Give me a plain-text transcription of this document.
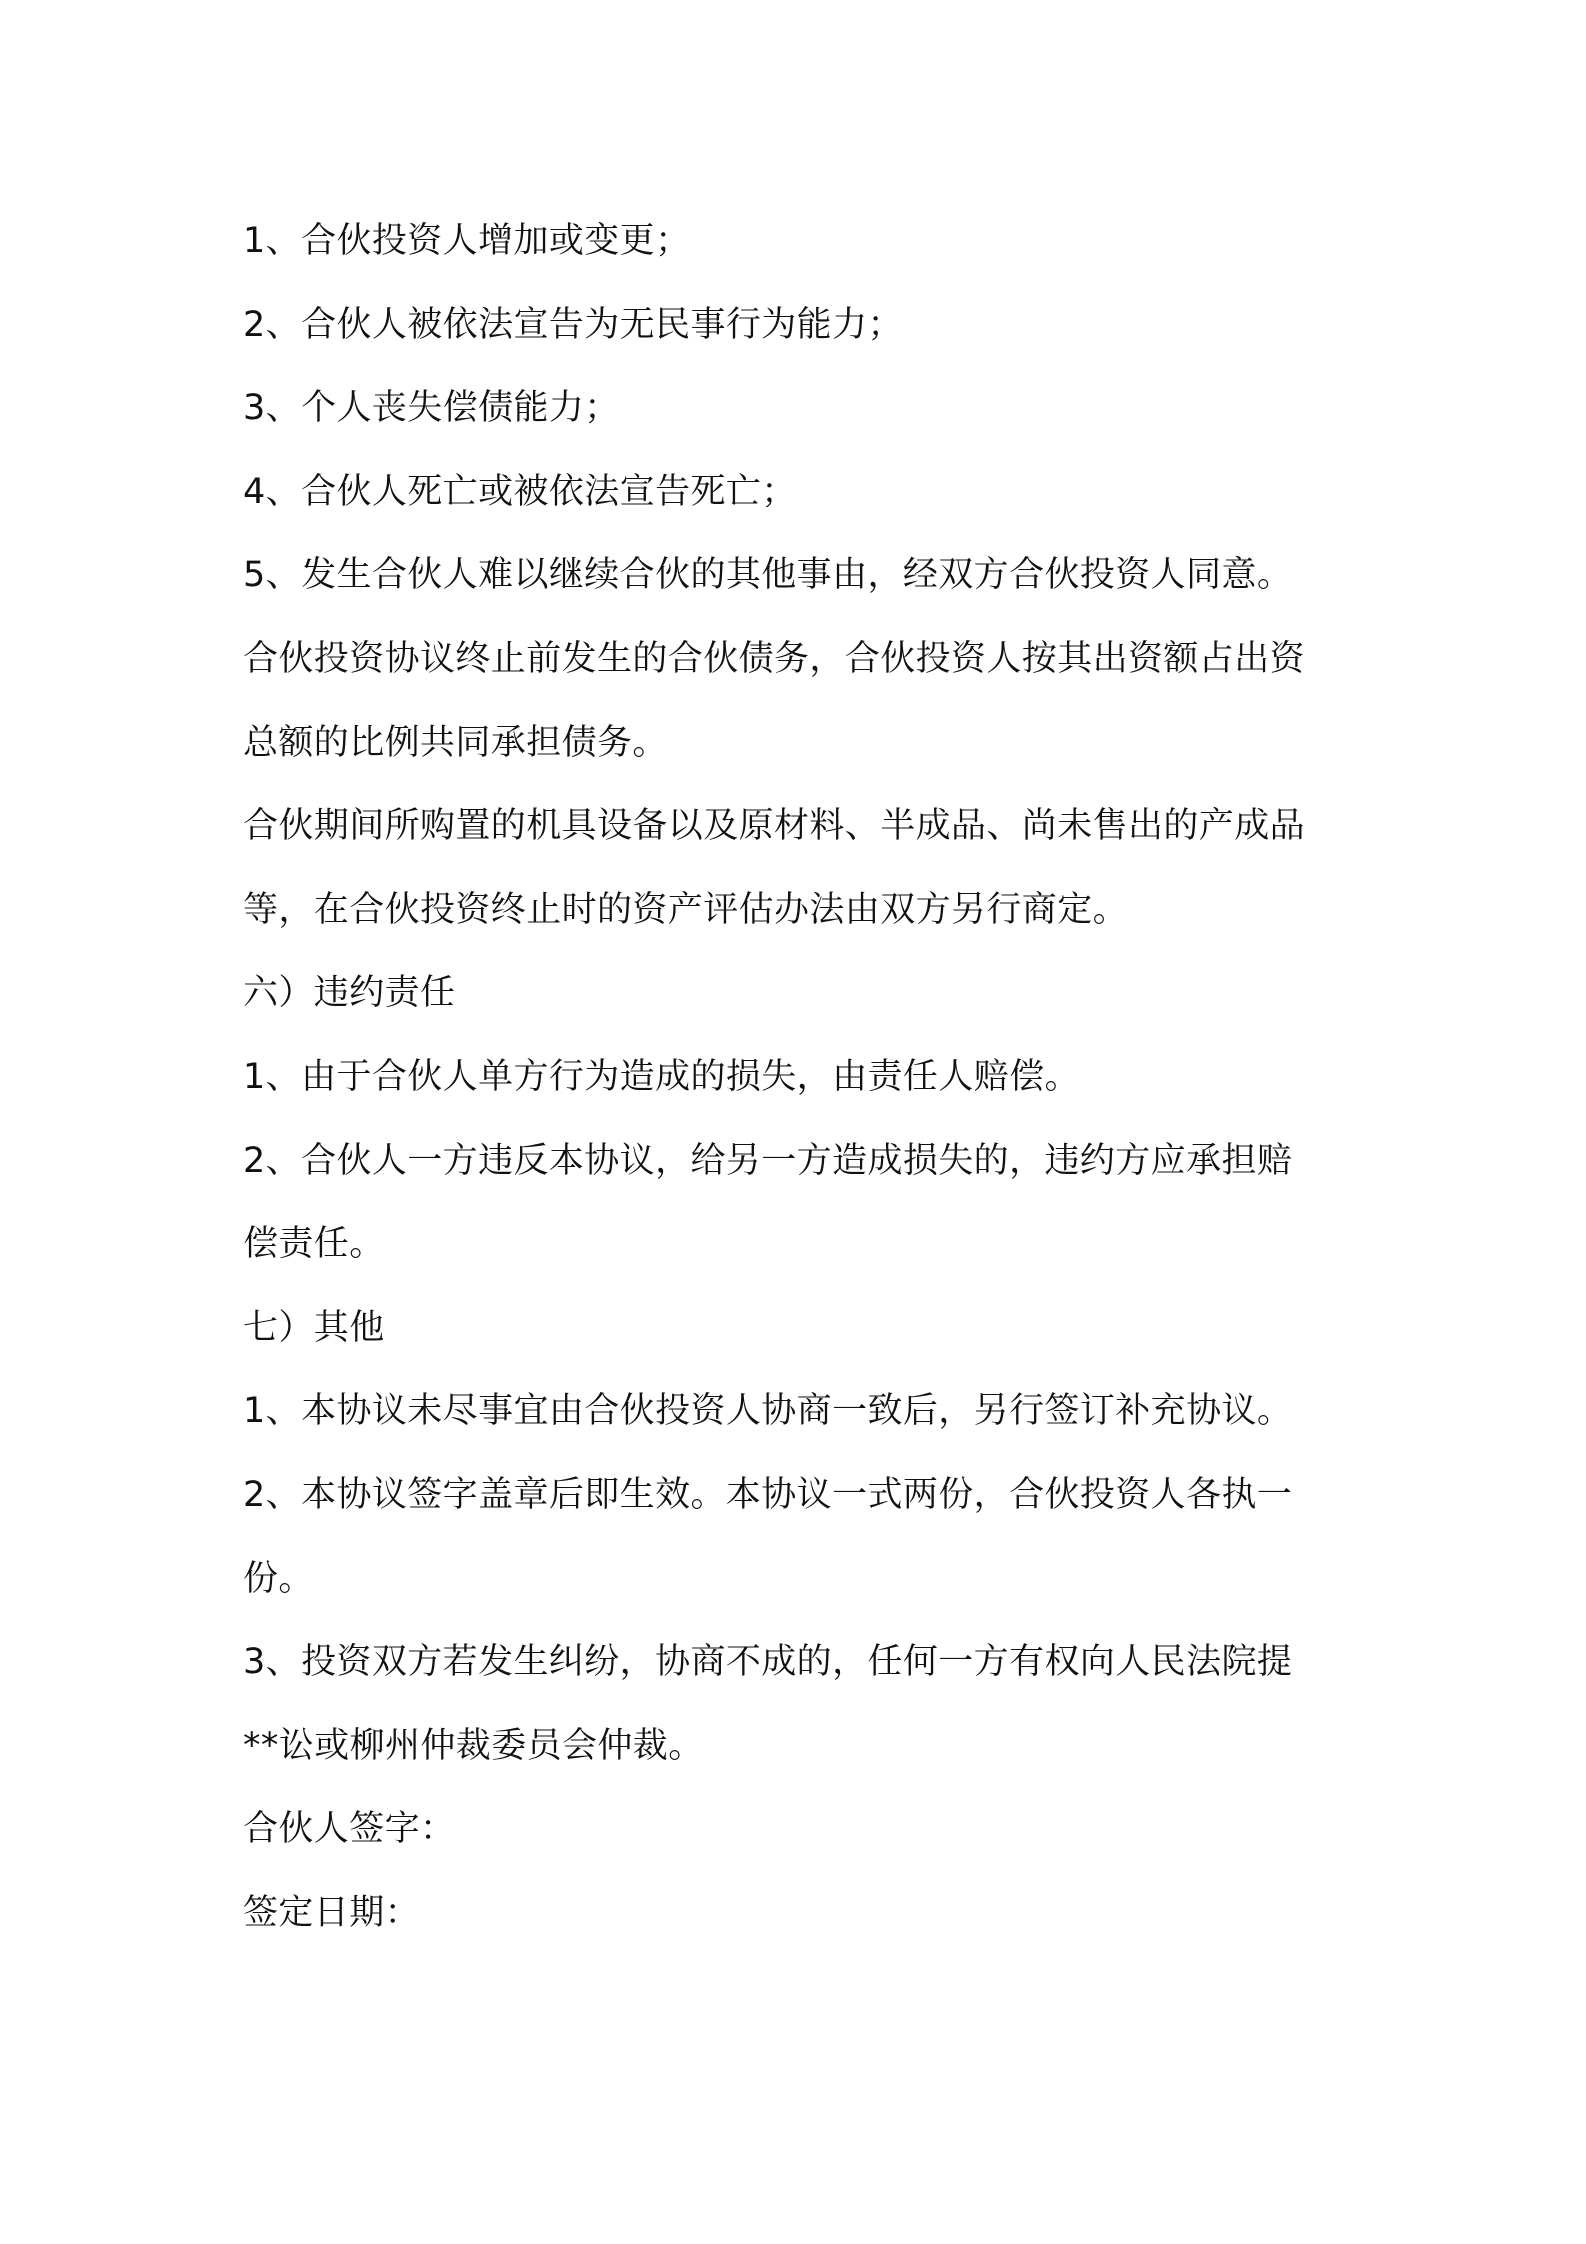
1、合伙投资人增加或变更；
2、合伙人被依法宣告为无民事行为能力；
3、个人丧失偿债能力；
4、合伙人死亡或被依法宣告死亡；
5、发生合伙人难以继续合伙的其他事由，经双方合伙投资人同意。
合伙投资协议终止前发生的合伙债务，合伙投资人按其出资额占出资
总额的比例共同承担债务。
合伙期间所购置的机具设备以及原材料、半成品、尚未售出的产成品
等，在合伙投资终止时的资产评估办法由双方另行商定。
六）违约责任
1、由于合伙人单方行为造成的损失，由责任人赔偿。
2、合伙人一方违反本协议，给另一方造成损失的，违约方应承担赔
偿责任。
七）其他
1、本协议未尽事宜由合伙投资人协商一致后，另行签订补充协议。
2、本协议签字盖章后即生效。本协议一式两份，合伙投资人各执一
份。
3、投资双方若发生纠纷，协商不成的，任何一方有权向人民法院提
**讼或柳州仲裁委员会仲裁。
合伙人签字：
签定日期：
